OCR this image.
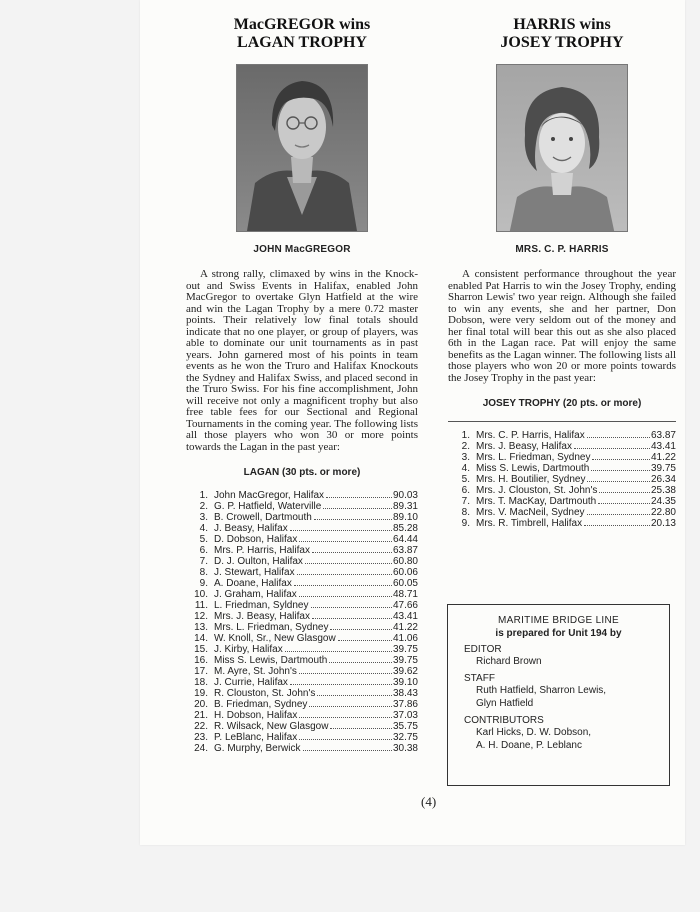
MacGREGOR wins
LAGAN TROPHY
JOHN MacGREGOR
A strong rally, climaxed by wins in the Knock-out and Swiss Events in Halifax, enabled John MacGregor to overtake Glyn Hatfield at the wire and win the Lagan Trophy by a mere 0.72 master points. Their relatively low final totals should indicate that no one player, or group of players, was able to dominate our unit tournaments as in past years. John garnered most of his points in team events as he won the Truro and Halifax Knockouts the Sydney and Halifax Swiss, and placed second in the Truro Swiss. For his fine accomplishment, John will receive not only a magnificent trophy but also free table fees for our Sectional and Regional Tournaments in the coming year. The following lists all those players who won 30 or more points towards the Lagan in the past year:
LAGAN (30 pts. or more)
1.	John MacGregor, Halifax 90.03

2.	G. P. Hatfield, Waterville 89.31

3.	B. Crowell, Dartmouth 89.10

4.	J. Beasy, Halifax 85.28

5.	D. Dobson, Halifax 64.44

6.	Mrs. P. Harris, Halifax 63.87

7.	D. J. Oulton, Halifax 60.80

8.	J. Stewart, Halifax 60.06

9.	A. Doane, Halifax 60.05

10.	J. Graham, Halifax 48.71

11.	L. Friedman, Syldney 47.66

12.	Mrs. J. Beasy, Halifax 43.41

13.	Mrs. L. Friedman, Sydney 41.22

14.	W. Knoll, Sr., New Glasgow 41.06

15.	J. Kirby, Halifax 39.75

16.	Miss S. Lewis, Dartmouth 39.75

17.	M. Ayre, St. John's 39.62

18.	J. Currie, Halifax 39.10

19.	R. Clouston, St. John's 38.43

20.	B. Friedman, Sydney 37.86

21.	H. Dobson, Halifax 37.03

22.	R. Wilsack, New Glasgow 35.75

23.	P. LeBlanc, Halifax 32.75

24.	G. Murphy, Berwick 30.38
HARRIS wins
JOSEY TROPHY
MRS. C. P. HARRIS
A consistent performance throughout the year enabled Pat Harris to win the Josey Trophy, ending Sharron Lewis' two year reign. Although she failed to win any events, she and her partner, Don Dobson, were very seldom out of the money and her final total will bear this out as she also placed 6th in the Lagan race. Pat will enjoy the same benefits as the Lagan winner. The following lists all those players who won 20 or more points towards the Josey Trophy in the past year:
JOSEY TROPHY (20 pts. or more)
1.	Mrs. C. P. Harris, Halifax 63.87

2.	Mrs. J. Beasy, Halifax 43.41

3.	Mrs. L. Friedman, Sydney 41.22

4.	Miss S. Lewis, Dartmouth 39.75

5.	Mrs. H. Boutilier, Sydney 26.34

6.	Mrs. J. Clouston, St. John's 25.38

7.	Mrs. T. MacKay, Dartmouth 24.35

8.	Mrs. V. MacNeil, Sydney 22.80

9.	Mrs. R. Timbrell, Halifax 20.13
MARITIME BRIDGE LINE
is prepared for Unit 194 by
EDITOR
Richard Brown
STAFF
Ruth Hatfield, Sharron Lewis,
Glyn Hatfield
CONTRIBUTORS
Karl Hicks, D. W. Dobson,
A. H. Doane, P. Leblanc
(4)
